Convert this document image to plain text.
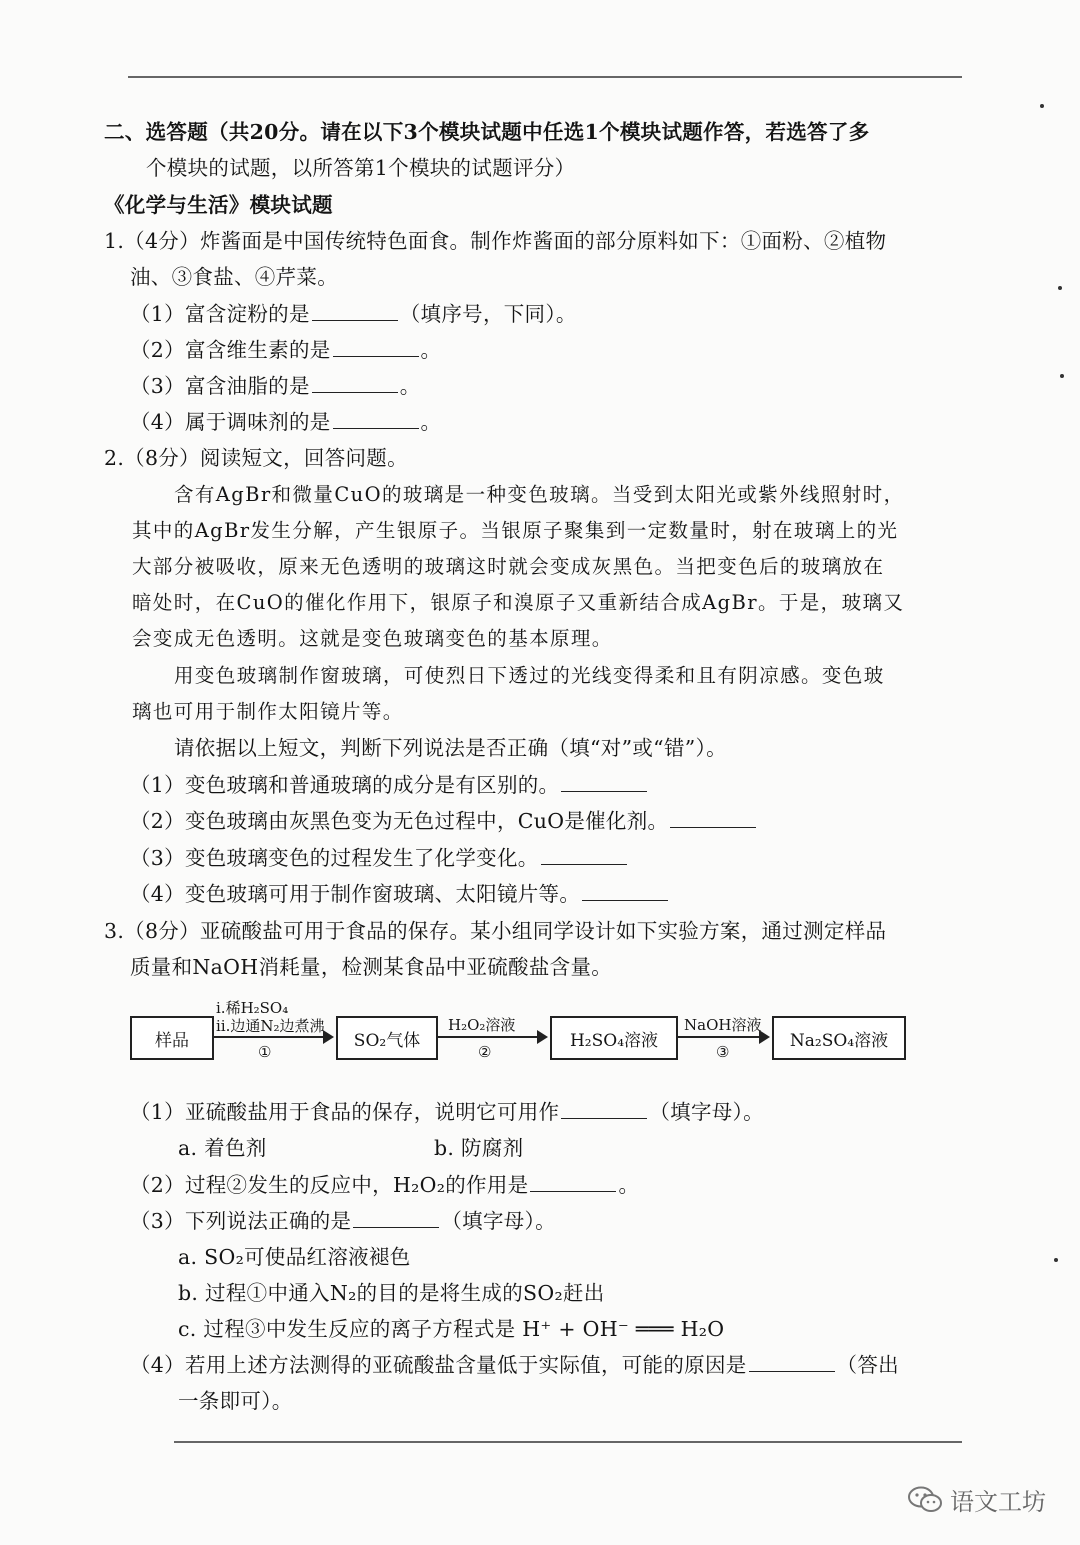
二、选答题（共20分。请在以下3个模块试题中任选1个模块试题作答，若选答了多
个模块的试题，以所答第1个模块的试题评分）
《化学与生活》模块试题
1.（4分）炸酱面是中国传统特色面食。制作炸酱面的部分原料如下：①面粉、②植物
油、③食盐、④芹菜。
（1）富含淀粉的是	（填序号，下同）。
（2）富含维生素的是	。
（3）富含油脂的是	。
（4）属于调味剂的是	。
2.（8分）阅读短文，回答问题。
含有AgBr和微量CuO的玻璃是一种变色玻璃。当受到太阳光或紫外线照射时，
其中的AgBr发生分解，产生银原子。当银原子聚集到一定数量时，射在玻璃上的光
大部分被吸收，原来无色透明的玻璃这时就会变成灰黑色。当把变色后的玻璃放在
暗处时，在CuO的催化作用下，银原子和溴原子又重新结合成AgBr。于是，玻璃又
会变成无色透明。这就是变色玻璃变色的基本原理。
用变色玻璃制作窗玻璃，可使烈日下透过的光线变得柔和且有阴凉感。变色玻
璃也可用于制作太阳镜片等。
请依据以上短文，判断下列说法是否正确（填“对”或“错”）。
（1）变色玻璃和普通玻璃的成分是有区别的。
（2）变色玻璃由灰黑色变为无色过程中，CuO是催化剂。
（3）变色玻璃变色的过程发生了化学变化。
（4）变色玻璃可用于制作窗玻璃、太阳镜片等。
3.（8分）亚硫酸盐可用于食品的保存。某小组同学设计如下实验方案，通过测定样品
质量和NaOH消耗量，检测某食品中亚硫酸盐含量。
样品
ⅰ.稀H₂SO₄
ⅱ.边通N₂边煮沸
①
SO₂气体
H₂O₂溶液
②
H₂SO₄溶液
NaOH溶液
③
Na₂SO₄溶液
（1）亚硫酸盐用于食品的保存，说明它可用作	（填字母）。
a. 着色剂	b. 防腐剂
（2）过程②发生的反应中，H₂O₂的作用是	。
（3）下列说法正确的是	（填字母）。
a. SO₂可使品红溶液褪色
b. 过程①中通入N₂的目的是将生成的SO₂赶出
c. 过程③中发生反应的离子方程式是 H⁺ + OH⁻ ═══ H₂O
（4）若用上述方法测得的亚硫酸盐含量低于实际值，可能的原因是	（答出
一条即可）。
语文工坊
